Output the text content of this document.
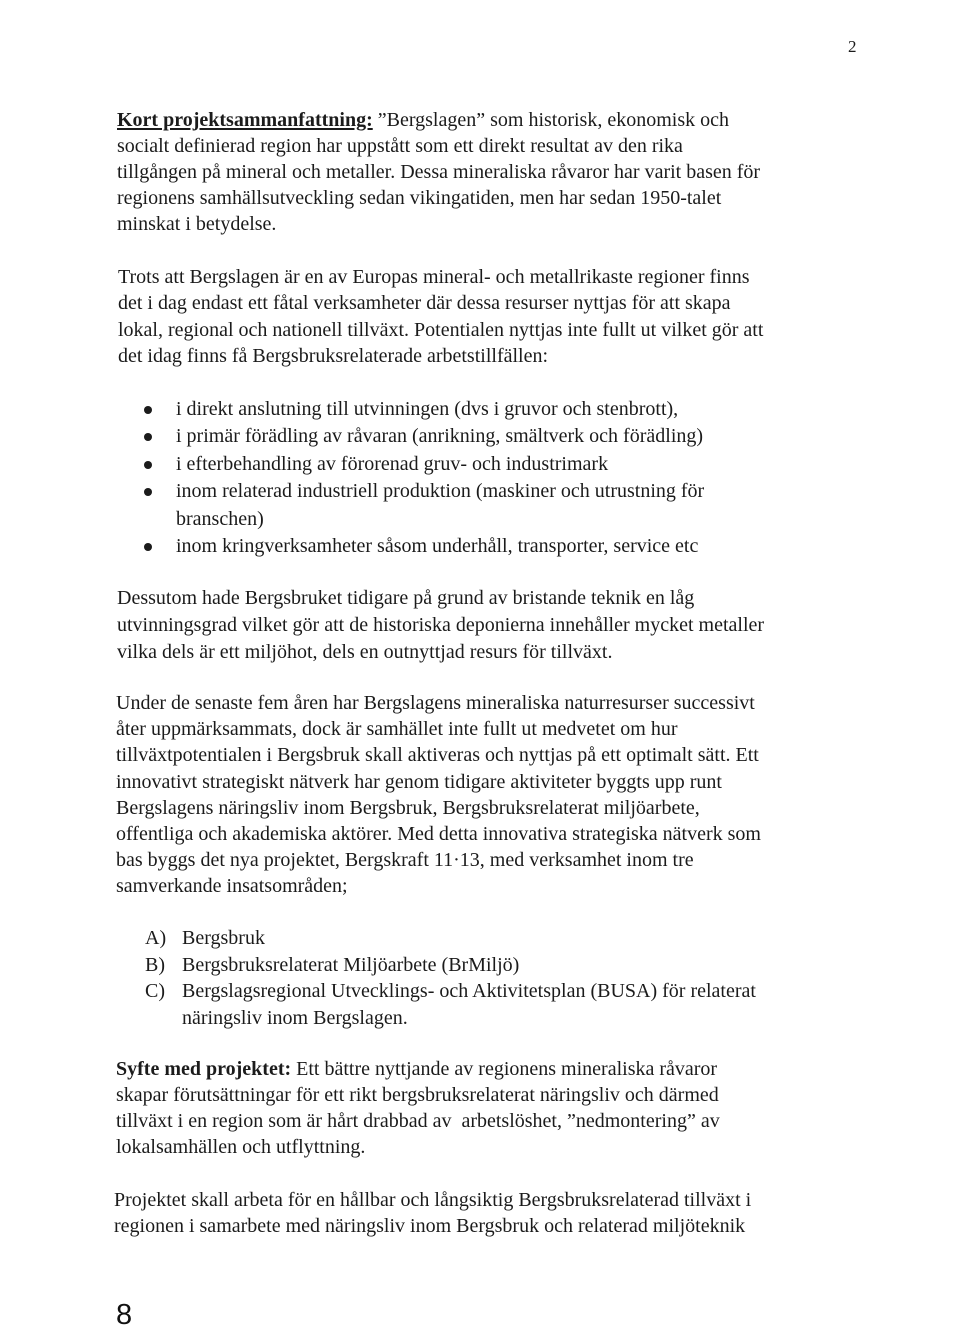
2
Kort projektsammanfattning: ”Bergslagen” som historisk, ekonomisk och
socialt definierad region har uppstått som ett direkt resultat av den rika
tillgången på mineral och metaller. Dessa mineraliska råvaror har varit basen för
regionens samhällsutveckling sedan vikingatiden, men har sedan 1950-talet
minskat i betydelse.
Trots att Bergslagen är en av Europas mineral- och metallrikaste regioner finns
det i dag endast ett fåtal verksamheter där dessa resurser nyttjas för att skapa
lokal, regional och nationell tillväxt. Potentialen nyttjas inte fullt ut vilket gör att
det idag finns få Bergsbruksrelaterade arbetstillfällen:
i direkt anslutning till utvinningen (dvs i gruvor och stenbrott),
i primär förädling av råvaran (anrikning, smältverk och förädling)
i efterbehandling av förorenad gruv- och industrimark
inom relaterad industriell produktion (maskiner och utrustning för
branschen)
inom kringverksamheter såsom underhåll, transporter, service etc
Dessutom hade Bergsbruket tidigare på grund av bristande teknik en låg
utvinningsgrad vilket gör att de historiska deponierna innehåller mycket metaller
vilka dels är ett miljöhot, dels en outnyttjad resurs för tillväxt.
Under de senaste fem åren har Bergslagens mineraliska naturresurser successivt
åter uppmärksammats, dock är samhället inte fullt ut medvetet om hur
tillväxtpotentialen i Bergsbruk skall aktiveras och nyttjas på ett optimalt sätt. Ett
innovativt strategiskt nätverk har genom tidigare aktiviteter byggts upp runt
Bergslagens näringsliv inom Bergsbruk, Bergsbruksrelaterat miljöarbete,
offentliga och akademiska aktörer. Med detta innovativa strategiska nätverk som
bas byggs det nya projektet, Bergskraft 11·13, med verksamhet inom tre
samverkande insatsområden;
A) Bergsbruk
B) Bergsbruksrelaterat Miljöarbete (BrMiljö)
C) Bergslagsregional Utvecklings- och Aktivitetsplan (BUSA) för relaterat
näringsliv inom Bergslagen.
Syfte med projektet: Ett bättre nyttjande av regionens mineraliska råvaror
skapar förutsättningar för ett rikt bergsbruksrelaterat näringsliv och därmed
tillväxt i en region som är hårt drabbad av  arbetslöshet, ”nedmontering” av
lokalsamhällen och utflyttning.
Projektet skall arbeta för en hållbar och långsiktig Bergsbruksrelaterad tillväxt i
regionen i samarbete med näringsliv inom Bergsbruk och relaterad miljöteknik
8
